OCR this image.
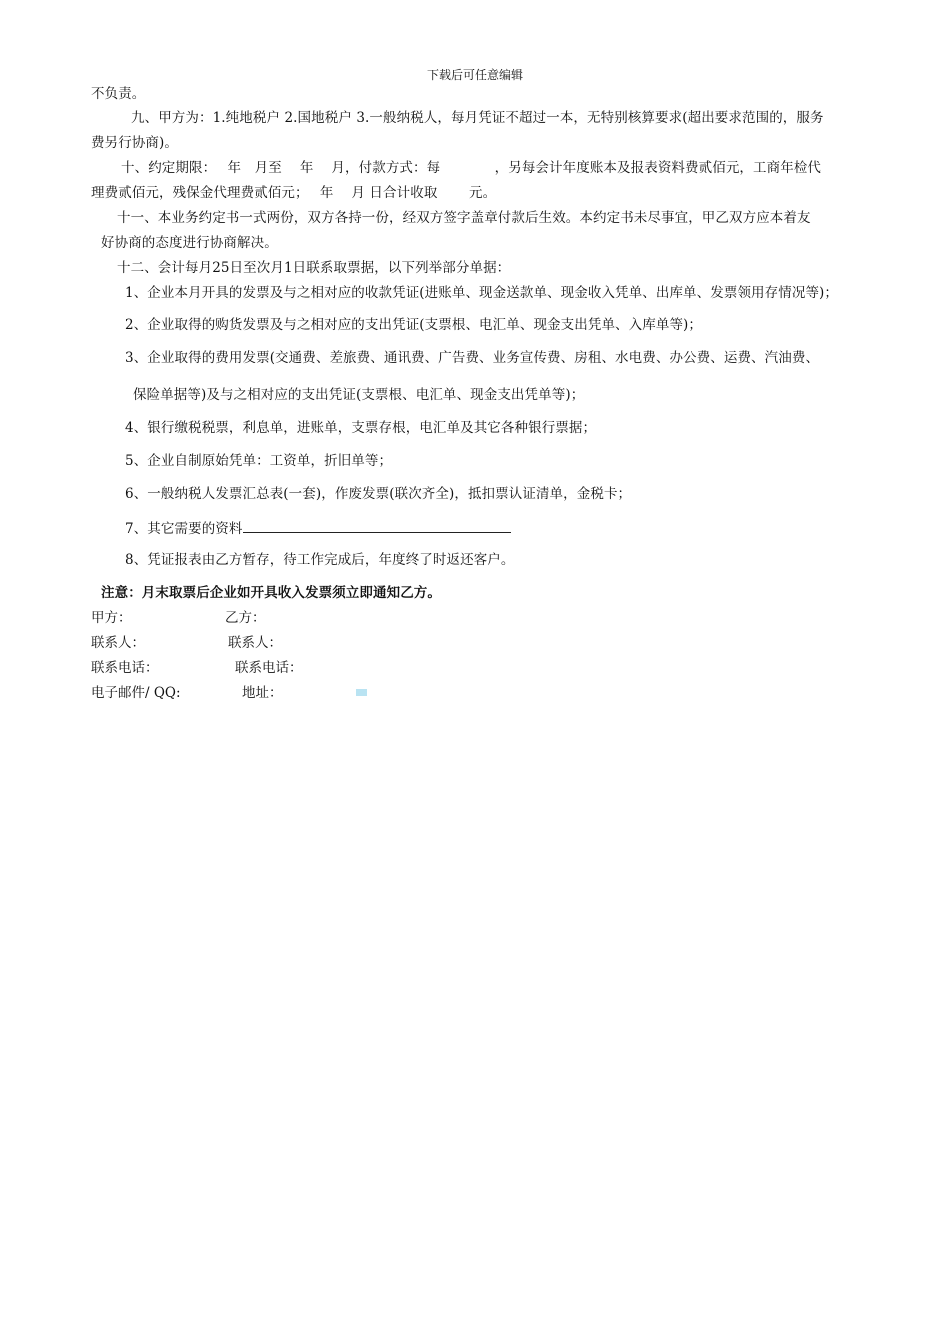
下载后可任意编辑
不负责。
九、甲方为：1.纯地税户 2.国地税户 3.一般纳税人，每月凭证不超过一本，无特别核算要求(超出要求范围的，服务
费另行协商)。
十、约定期限：　 年　月至　 年　 月，付款方式：每　　　　，另每会计年度账本及报表资料费贰佰元，工商年检代
理费贰佰元，残保金代理费贰佰元；　 年　 月 日合计收取　　 元。
十一、本业务约定书一式两份，双方各持一份，经双方签字盖章付款后生效。本约定书未尽事宜，甲乙双方应本着友
好协商的态度进行协商解决。
十二、会计每月25日至次月1日联系取票据，以下列举部分单据：
1、企业本月开具的发票及与之相对应的收款凭证(进账单、现金送款单、现金收入凭单、出库单、发票领用存情况等)；
2、企业取得的购货发票及与之相对应的支出凭证(支票根、电汇单、现金支出凭单、入库单等)；
3、企业取得的费用发票(交通费、差旅费、通讯费、广告费、业务宣传费、房租、水电费、办公费、运费、汽油费、
保险单据等)及与之相对应的支出凭证(支票根、电汇单、现金支出凭单等)；
4、银行缴税税票，利息单，进账单，支票存根，电汇单及其它各种银行票据；
5、企业自制原始凭单：工资单，折旧单等；
6、一般纳税人发票汇总表(一套)，作废发票(联次齐全)，抵扣票认证清单，金税卡；
7、其它需要的资料
8、凭证报表由乙方暂存，待工作完成后，年度终了时返还客户。
注意：月末取票后企业如开具收入发票须立即通知乙方。
甲方：	乙方：
联系人：	联系人：
联系电话：	联系电话：
电子邮件/ QQ:	地址：
